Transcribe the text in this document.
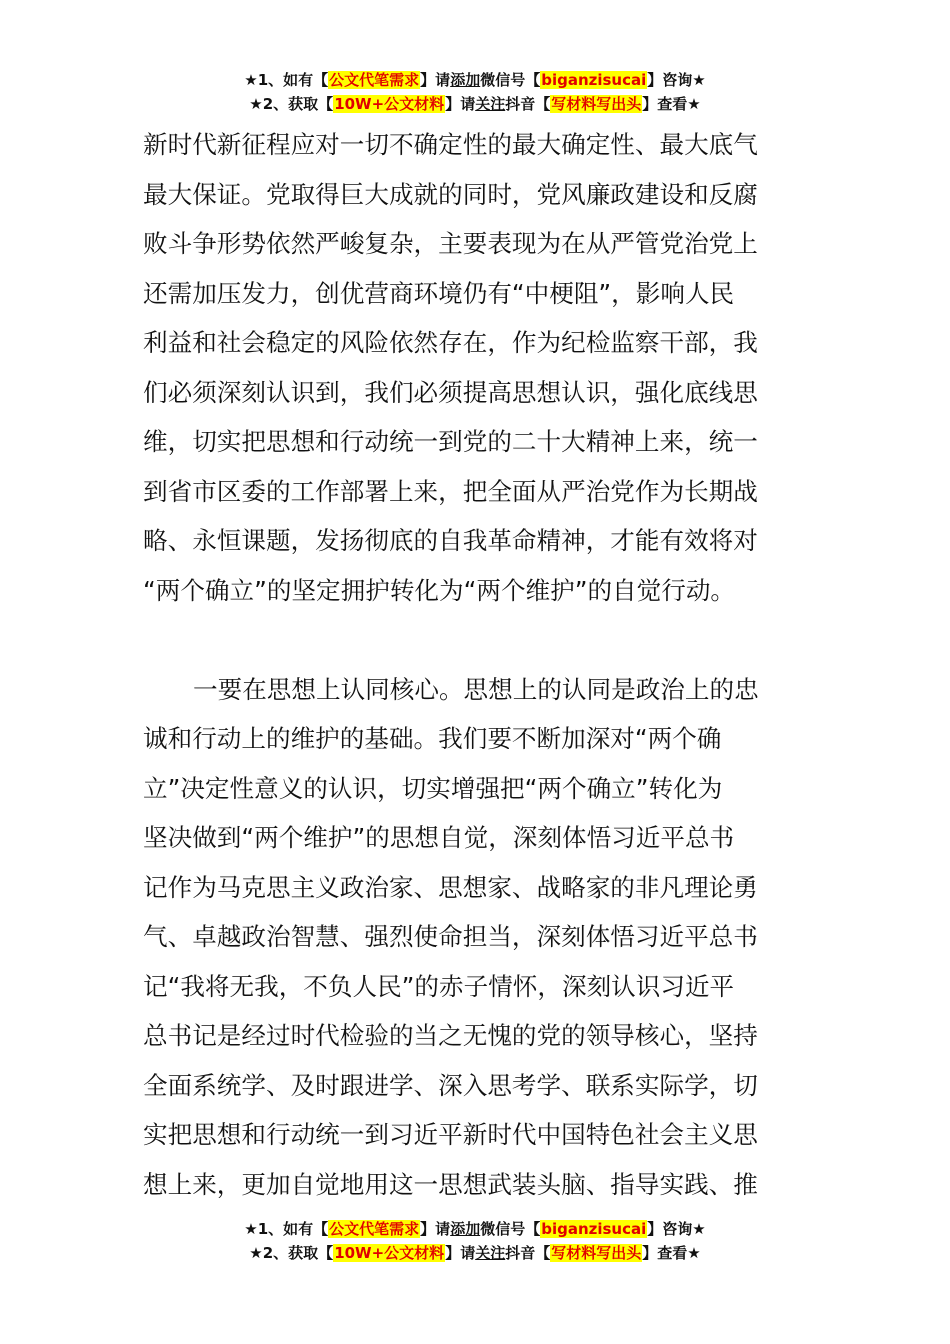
★1、如有【公文代笔需求】请添加微信号【biganzisucai】咨询★
★2、获取【10W+公文材料】请关注抖音【写材料写出头】查看★
新时代新征程应对一切不确定性的最大确定性、最大底气
最大保证。党取得巨大成就的同时，党风廉政建设和反腐
败斗争形势依然严峻复杂，主要表现为在从严管党治党上
还需加压发力，创优营商环境仍有“中梗阻”，影响人民
利益和社会稳定的风险依然存在，作为纪检监察干部，我
们必须深刻认识到，我们必须提高思想认识，强化底线思
维，切实把思想和行动统一到党的二十大精神上来，统一
到省市区委的工作部署上来，把全面从严治党作为长期战
略、永恒课题，发扬彻底的自我革命精神，才能有效将对
“两个确立”的坚定拥护转化为“两个维护”的自觉行动。
一要在思想上认同核心。思想上的认同是政治上的忠
诚和行动上的维护的基础。我们要不断加深对“两个确
立”决定性意义的认识，切实增强把“两个确立”转化为
坚决做到“两个维护”的思想自觉，深刻体悟习近平总书
记作为马克思主义政治家、思想家、战略家的非凡理论勇
气、卓越政治智慧、强烈使命担当，深刻体悟习近平总书
记“我将无我，不负人民”的赤子情怀，深刻认识习近平
总书记是经过时代检验的当之无愧的党的领导核心，坚持
全面系统学、及时跟进学、深入思考学、联系实际学，切
实把思想和行动统一到习近平新时代中国特色社会主义思
想上来，更加自觉地用这一思想武装头脑、指导实践、推
★1、如有【公文代笔需求】请添加微信号【biganzisucai】咨询★
★2、获取【10W+公文材料】请关注抖音【写材料写出头】查看★
